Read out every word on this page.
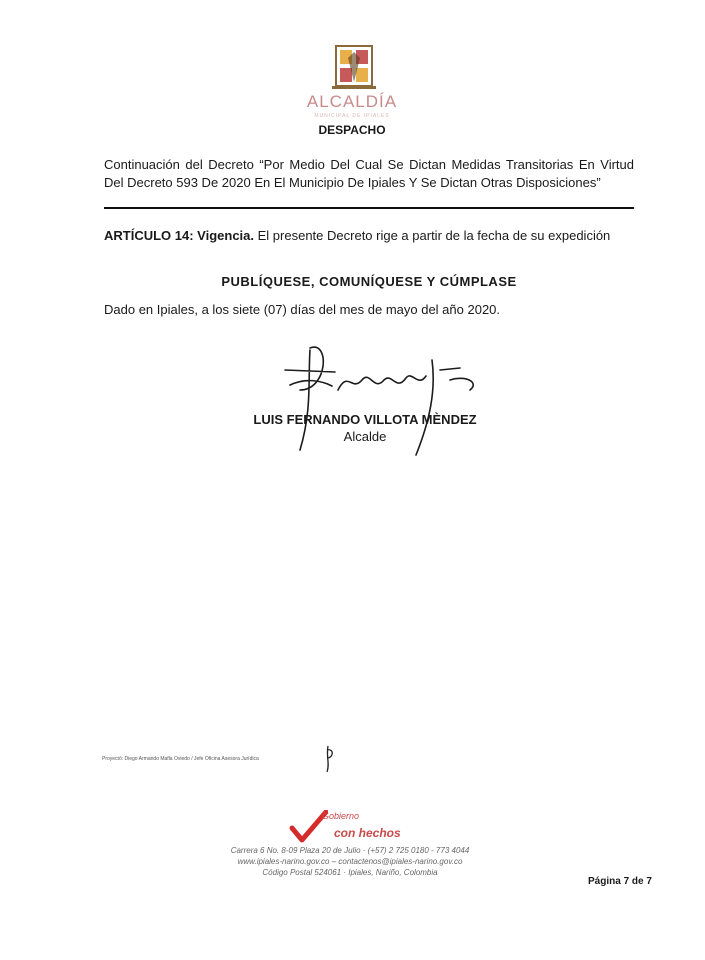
ALCALDÍA
MUNICIPAL DE IPIALES
DESPACHO
Continuación del Decreto “Por Medio Del Cual Se Dictan Medidas Transitorias En Virtud Del Decreto 593 De 2020 En El Municipio De Ipiales Y Se Dictan Otras Disposiciones”
ARTÍCULO 14: Vigencia. El presente Decreto rige a partir de la fecha de su expedición
PUBLÍQUESE, COMUNÍQUESE Y CÚMPLASE
Dado en Ipiales, a los siete (07) días del mes de mayo del año 2020.
LUIS FERNANDO VILLOTA MÈNDEZ
Alcalde
Proyectó: Diego Armando Mafla Oviedo / Jefe Oficina Asesora Jurídica
Gobierno
con hechos
Carrera 6 No. 8-09 Plaza 20 de Julio · (+57) 2 725 0180 - 773 4044
www.ipiales-narino.gov.co – contactenos@ipiales-narino.gov.co
Código Postal 524061 · Ipiales, Nariño, Colombia
Página 7 de 7
